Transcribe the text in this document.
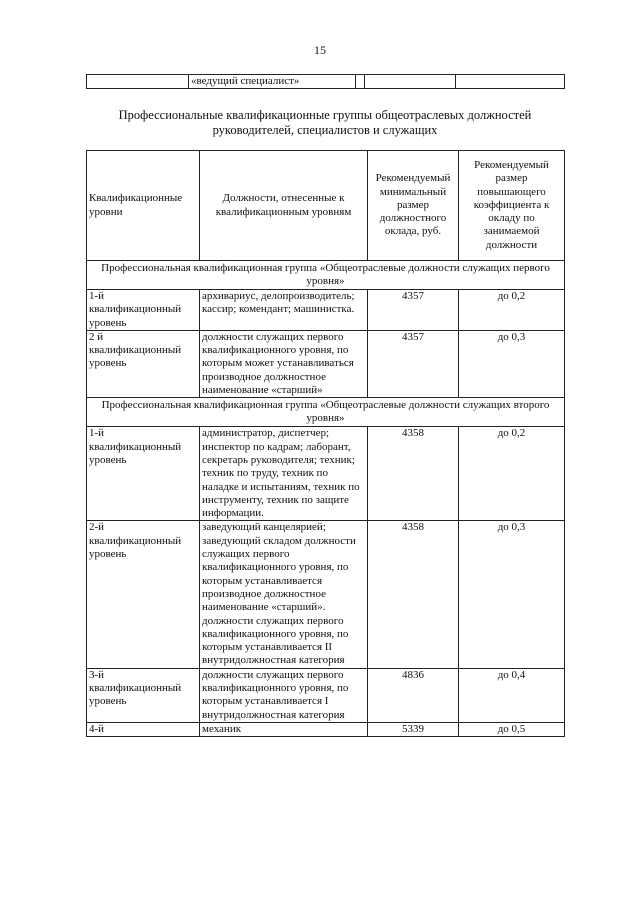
15
	«ведущий специалист»			
Профессиональные квалификационные группы общеотраслевых должностей руководителей, специалистов и служащих
Квалификационные уровни	Должности, отнесенные к квалификационным уровням	Рекомендуемый минимальный размер должностного оклада, руб.	Рекомендуемый размер повышающего коэффициента к окладу по занимаемой должности
Профессиональная квалификационная группа «Общеотраслевые должности служащих первого уровня»			
1-й квалификационный уровень	архивариус, делопроизводитель; кассир; комендант; машинистка.	4357	до 0,2
2 й квалификационный уровень	должности служащих первого квалификационного уровня, по которым может устанавливаться производное должностное наименование «старший»	4357	до 0,3
Профессиональная квалификационная группа «Общеотраслевые должности служащих второго уровня»			
1-й квалификационный уровень	администратор, диспетчер; инспектор по кадрам; лаборант, секретарь руководителя; техник; техник по труду, техник по наладке и испытаниям, техник по инструменту, техник по защите информации.	4358	до 0,2
2-й квалификационный уровень	заведующий канцелярией; заведующий складом должности служащих первого квалификационного уровня, по которым устанавливается производное должностное наименование «старший». должности служащих первого квалификационного уровня, по которым устанавливается II внутридолжностная категория	4358	до 0,3
3-й квалификационный уровень	должности служащих первого квалификационного уровня, по которым устанавливается I внутридолжностная категория	4836	до 0,4
4-й	механик	5339	до 0,5
